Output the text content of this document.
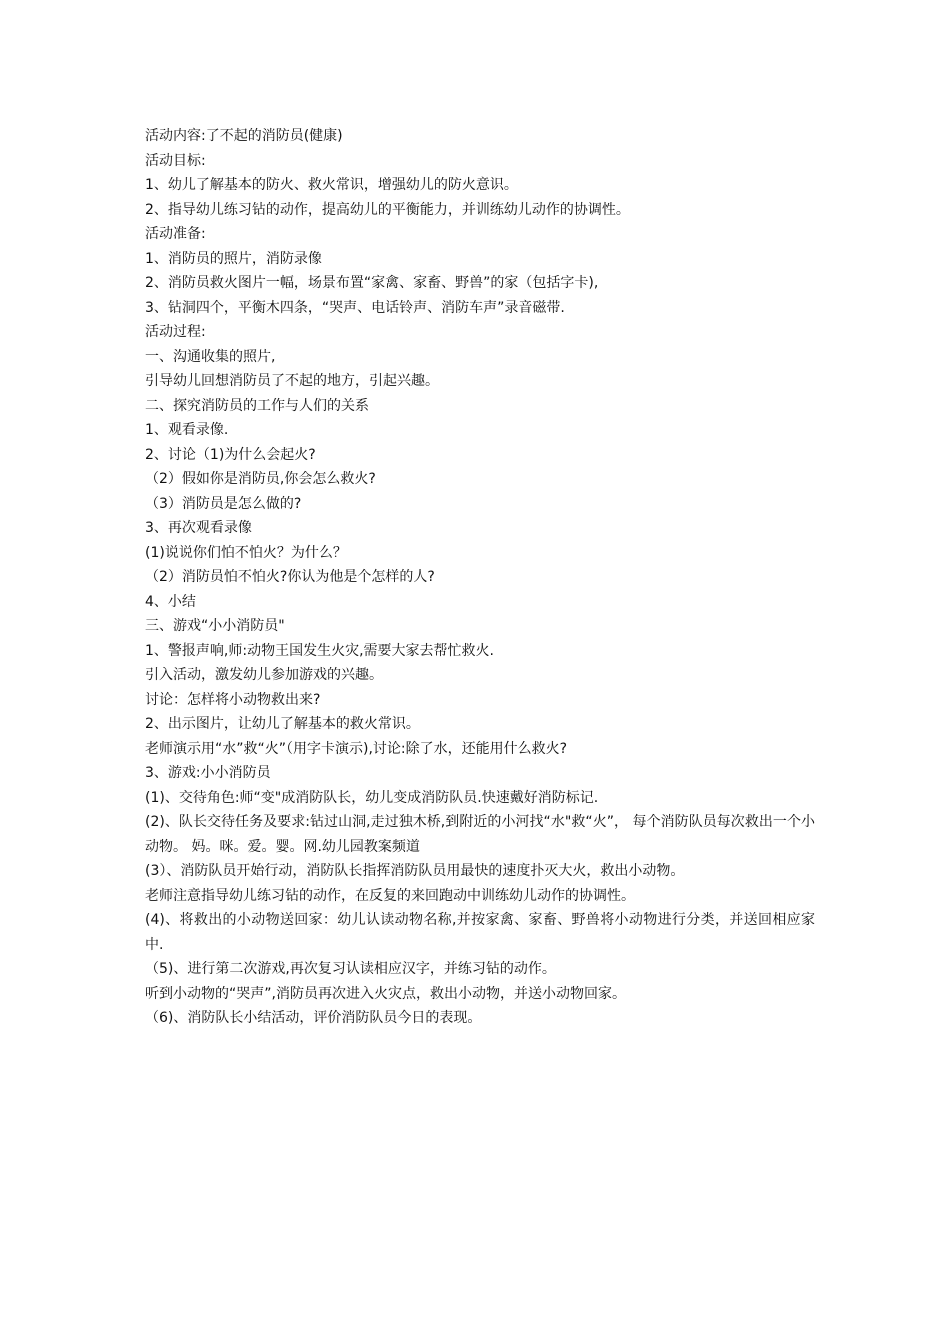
活动内容:了不起的消防员(健康)

活动目标:

1、幼儿了解基本的防火、救火常识，增强幼儿的防火意识。

2、指导幼儿练习钻的动作，提高幼儿的平衡能力，并训练幼儿动作的协调性。

活动准备:

1、消防员的照片，消防录像

2、消防员救火图片一幅，场景布置“家禽、家畜、野兽”的家（包括字卡),

3、钻洞四个，平衡木四条，“哭声、电话铃声、消防车声”录音磁带.

活动过程:

一、沟通收集的照片,

引导幼儿回想消防员了不起的地方，引起兴趣。

二、探究消防员的工作与人们的关系

1、观看录像.

2、讨论（1)为什么会起火?

（2）假如你是消防员,你会怎么救火?

（3）消防员是怎么做的?

3、再次观看录像

(1)说说你们怕不怕火？为什么？

（2）消防员怕不怕火?你认为他是个怎样的人?

4、小结

三、游戏“小小消防员"

1、警报声响,师:动物王国发生火灾,需要大家去帮忙救火.

引入活动，激发幼儿参加游戏的兴趣。

讨论：怎样将小动物救出来?

2、出示图片，让幼儿了解基本的救火常识。

老师演示用“水”救“火”（用字卡演示),讨论:除了水，还能用什么救火?

3、游戏:小小消防员

(1)、交待角色:师“变"成消防队长，幼儿变成消防队员.快速戴好消防标记.

(2)、队长交待任务及要求:钻过山洞,走过独木桥,到附近的小河找“水"救“火”， 每个消防队员每次救出一个小动物。 妈。咪。爱。婴。网.幼儿园教案频道

(3）、消防队员开始行动，消防队长指挥消防队员用最快的速度扑灭大火，救出小动物。

老师注意指导幼儿练习钻的动作，在反复的来回跑动中训练幼儿动作的协调性。

(4)、将救出的小动物送回家：幼儿认读动物名称,并按家禽、家畜、野兽将小动物进行分类，并送回相应家中.

（5)、进行第二次游戏,再次复习认读相应汉字，并练习钻的动作。

听到小动物的“哭声”,消防员再次进入火灾点，救出小动物，并送小动物回家。

（6)、消防队长小结活动，评价消防队员今日的表现。
